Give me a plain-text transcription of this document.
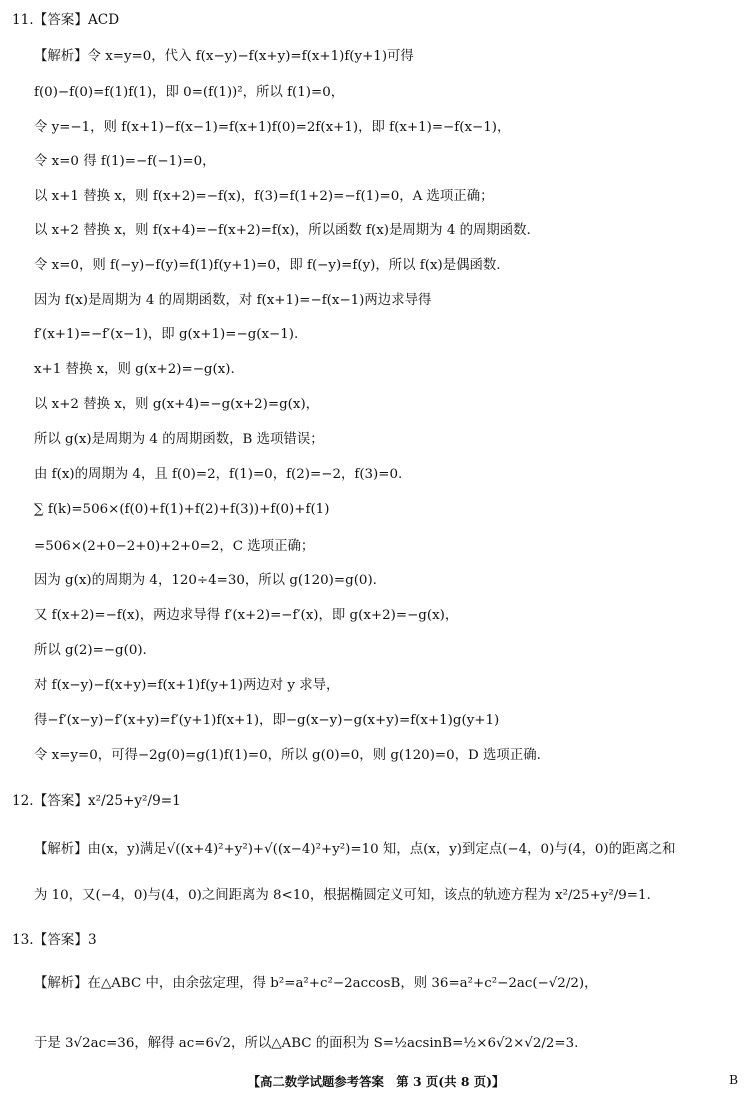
11.【答案】ACD
【解析】令 x=y=0，代入 f(x−y)−f(x+y)=f(x+1)f(y+1)可得
f(0)−f(0)=f(1)f(1)，即 0=(f(1))²，所以 f(1)=0，
令 y=−1，则 f(x+1)−f(x−1)=f(x+1)f(0)=2f(x+1)，即 f(x+1)=−f(x−1)，
令 x=0 得 f(1)=−f(−1)=0，
以 x+1 替换 x，则 f(x+2)=−f(x)，f(3)=f(1+2)=−f(1)=0，A 选项正确；
以 x+2 替换 x，则 f(x+4)=−f(x+2)=f(x)，所以函数 f(x)是周期为 4 的周期函数.
令 x=0，则 f(−y)−f(y)=f(1)f(y+1)=0，即 f(−y)=f(y)，所以 f(x)是偶函数.
因为 f(x)是周期为 4 的周期函数，对 f(x+1)=−f(x−1)两边求导得
f′(x+1)=−f′(x−1)，即 g(x+1)=−g(x−1).
x+1 替换 x，则 g(x+2)=−g(x).
以 x+2 替换 x，则 g(x+4)=−g(x+2)=g(x)，
所以 g(x)是周期为 4 的周期函数，B 选项错误；
由 f(x)的周期为 4，且 f(0)=2，f(1)=0，f(2)=−2，f(3)=0.
∑ f(k)=506×(f(0)+f(1)+f(2)+f(3))+f(0)+f(1)
=506×(2+0−2+0)+2+0=2，C 选项正确；
因为 g(x)的周期为 4，120÷4=30，所以 g(120)=g(0).
又 f(x+2)=−f(x)，两边求导得 f′(x+2)=−f′(x)，即 g(x+2)=−g(x)，
所以 g(2)=−g(0).
对 f(x−y)−f(x+y)=f(x+1)f(y+1)两边对 y 求导，
得−f′(x−y)−f′(x+y)=f′(y+1)f(x+1)，即−g(x−y)−g(x+y)=f(x+1)g(y+1)
令 x=y=0，可得−2g(0)=g(1)f(1)=0，所以 g(0)=0，则 g(120)=0，D 选项正确.
12.【答案】x²/25+y²/9=1
【解析】由(x，y)满足√((x+4)²+y²)+√((x−4)²+y²)=10 知，点(x，y)到定点(−4，0)与(4，0)的距离之和
为 10，又(−4，0)与(4，0)之间距离为 8<10，根据椭圆定义可知，该点的轨迹方程为 x²/25+y²/9=1.
13.【答案】3
【解析】在△ABC 中，由余弦定理，得 b²=a²+c²−2accosB，则 36=a²+c²−2ac(−√2/2)，
于是 3√2ac=36，解得 ac=6√2，所以△ABC 的面积为 S=½acsinB=½×6√2×√2/2=3.
【高二数学试题参考答案　第 3 页(共 8 页)】	B
